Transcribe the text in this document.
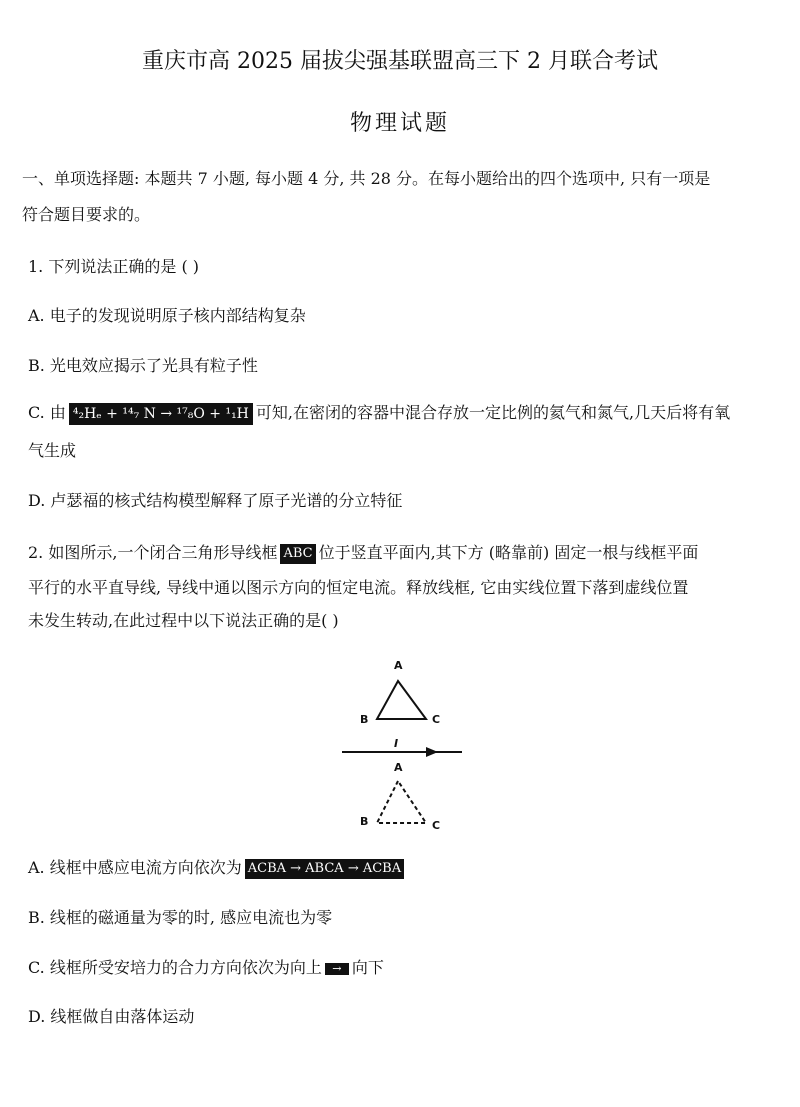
重庆市高 2025 届拔尖强基联盟高三下 2 月联合考试
物理试题
一、单项选择题: 本题共 7 小题, 每小题 4 分, 共 28 分。在每小题给出的四个选项中, 只有一项是
符合题目要求的。
1. 下列说法正确的是 ( )
A. 电子的发现说明原子核内部结构复杂
B. 光电效应揭示了光具有粒子性
C. 由 ⁴₂Hₑ + ¹⁴₇ N → ¹⁷₈O + ¹₁H 可知,在密闭的容器中混合存放一定比例的氦气和氮气,几天后将有氧
气生成
D. 卢瑟福的核式结构模型解释了原子光谱的分立特征
2. 如图所示,一个闭合三角形导线框 ABC 位于竖直平面内,其下方 (略靠前) 固定一根与线框平面
平行的水平直导线, 导线中通以图示方向的恒定电流。释放线框, 它由实线位置下落到虚线位置
未发生转动,在此过程中以下说法正确的是( )
A
B	C
I
A
B	C
A. 线框中感应电流方向依次为 ACBA → ABCA → ACBA
B. 线框的磁通量为零的时, 感应电流也为零
C. 线框所受安培力的合力方向依次为向上 → 向下
D. 线框做自由落体运动
